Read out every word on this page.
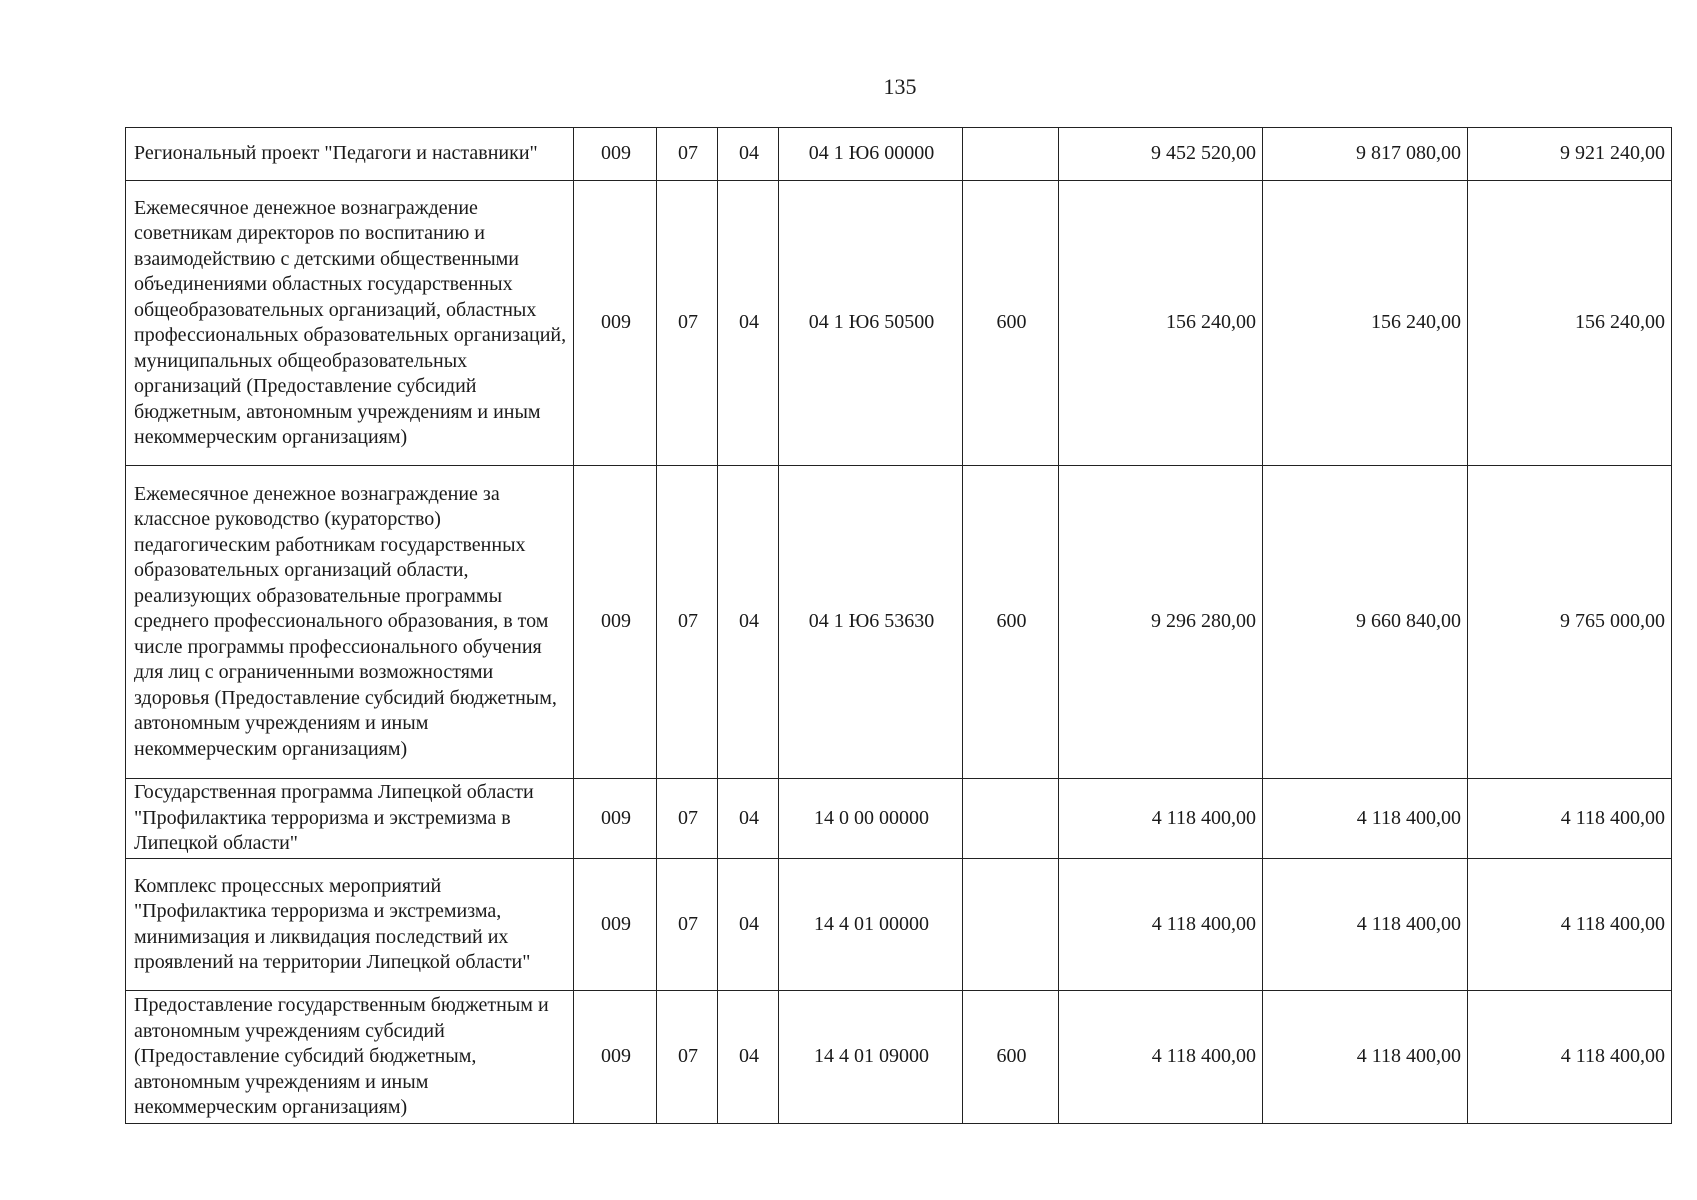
135
Региональный проект "Педагоги и наставники"	009	07	04	04 1 Ю6 00000		9 452 520,00	9 817 080,00	9 921 240,00
Ежемесячное денежное вознаграждение советникам директоров по воспитанию и взаимодействию с детскими общественными объединениями областных государственных общеобразовательных организаций, областных профессиональных образовательных организаций, муниципальных общеобразовательных организаций (Предоставление субсидий бюджетным, автономным учреждениям и иным некоммерческим организациям)	009	07	04	04 1 Ю6 50500	600	156 240,00	156 240,00	156 240,00
Ежемесячное денежное вознаграждение за классное руководство (кураторство) педагогическим работникам государственных образовательных организаций области, реализующих образовательные программы среднего профессионального образования, в том числе программы профессионального обучения для лиц с ограниченными возможностями здоровья (Предоставление субсидий бюджетным, автономным учреждениям и иным некоммерческим организациям)	009	07	04	04 1 Ю6 53630	600	9 296 280,00	9 660 840,00	9 765 000,00
Государственная программа Липецкой области "Профилактика терроризма и экстремизма в Липецкой области"	009	07	04	14 0 00 00000		4 118 400,00	4 118 400,00	4 118 400,00
Комплекс процессных мероприятий "Профилактика терроризма и экстремизма, минимизация и ликвидация последствий их проявлений на территории Липецкой области"	009	07	04	14 4 01 00000		4 118 400,00	4 118 400,00	4 118 400,00
Предоставление государственным бюджетным и автономным учреждениям субсидий (Предоставление субсидий бюджетным, автономным учреждениям и иным некоммерческим организациям)	009	07	04	14 4 01 09000	600	4 118 400,00	4 118 400,00	4 118 400,00
